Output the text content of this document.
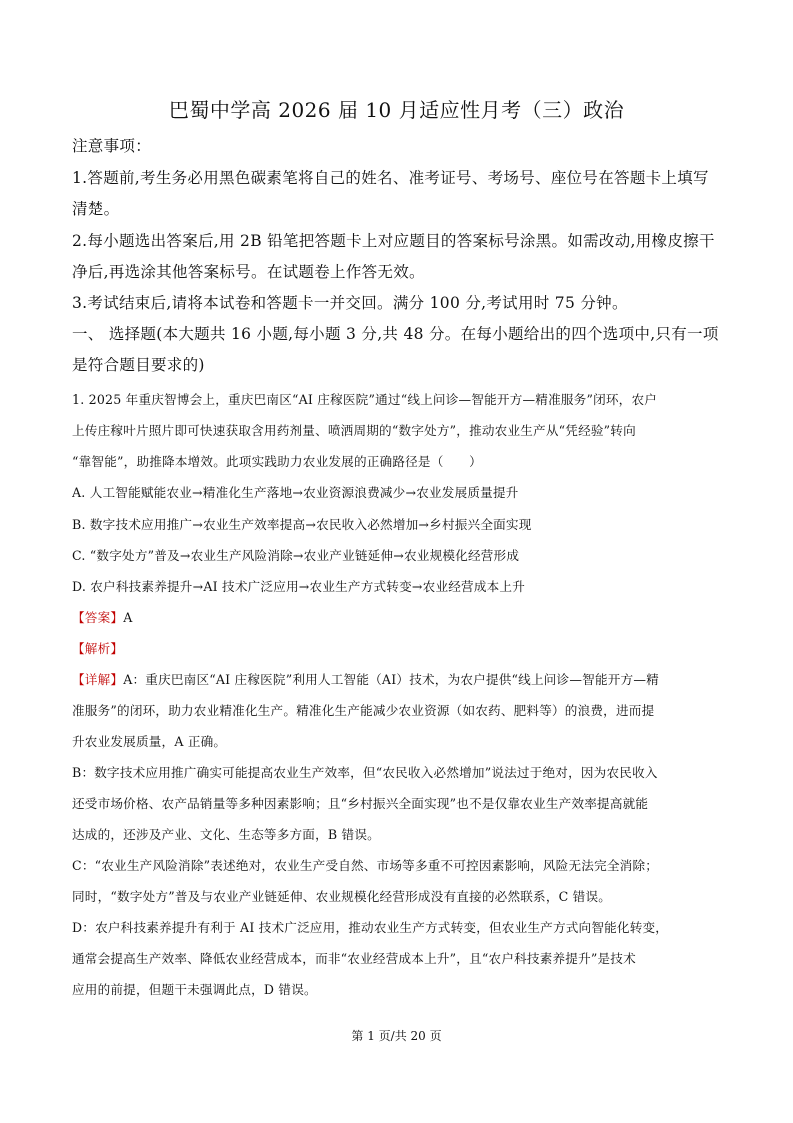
巴蜀中学高 2026 届 10 月适应性月考（三）政治
注意事项：
1.答题前,考生务必用黑色碳素笔将自己的姓名、准考证号、考场号、座位号在答题卡上填写
清楚。
2.每小题选出答案后,用 2B 铅笔把答题卡上对应题目的答案标号涂黑。如需改动,用橡皮擦干
净后,再选涂其他答案标号。在试题卷上作答无效。
3.考试结束后,请将本试卷和答题卡一并交回。满分 100 分,考试用时 75 分钟。
一、 选择题(本大题共 16 小题,每小题 3 分,共 48 分。在每小题给出的四个选项中,只有一项
是符合题目要求的)
1. 2025 年重庆智博会上，重庆巴南区“AI 庄稼医院”通过“线上问诊—智能开方—精准服务”闭环，农户
上传庄稼叶片照片即可快速获取含用药剂量、喷洒周期的“数字处方”，推动农业生产从“凭经验”转向
“靠智能”，助推降本增效。此项实践助力农业发展的正确路径是（　　）
A. 人工智能赋能农业→精准化生产落地→农业资源浪费减少→农业发展质量提升
B. 数字技术应用推广→农业生产效率提高→农民收入必然增加→乡村振兴全面实现
C. “数字处方”普及→农业生产风险消除→农业产业链延伸→农业规模化经营形成
D. 农户科技素养提升→AI 技术广泛应用→农业生产方式转变→农业经营成本上升
【答案】A
【解析】
【详解】A：重庆巴南区“AI 庄稼医院”利用人工智能（AI）技术，为农户提供“线上问诊—智能开方—精
准服务”的闭环，助力农业精准化生产。精准化生产能减少农业资源（如农药、肥料等）的浪费，进而提
升农业发展质量，A 正确。
B：数字技术应用推广确实可能提高农业生产效率，但“农民收入必然增加”说法过于绝对，因为农民收入
还受市场价格、农产品销量等多种因素影响；且“乡村振兴全面实现”也不是仅靠农业生产效率提高就能
达成的，还涉及产业、文化、生态等多方面，B 错误。
C：“农业生产风险消除”表述绝对，农业生产受自然、市场等多重不可控因素影响，风险无法完全消除；
同时，“数字处方”普及与农业产业链延伸、农业规模化经营形成没有直接的必然联系，C 错误。
D：农户科技素养提升有利于 AI 技术广泛应用，推动农业生产方式转变，但农业生产方式向智能化转变，
通常会提高生产效率、降低农业经营成本，而非“农业经营成本上升”，且“农户科技素养提升”是技术
应用的前提，但题干未强调此点，D 错误。
第 1 页/共 20 页
